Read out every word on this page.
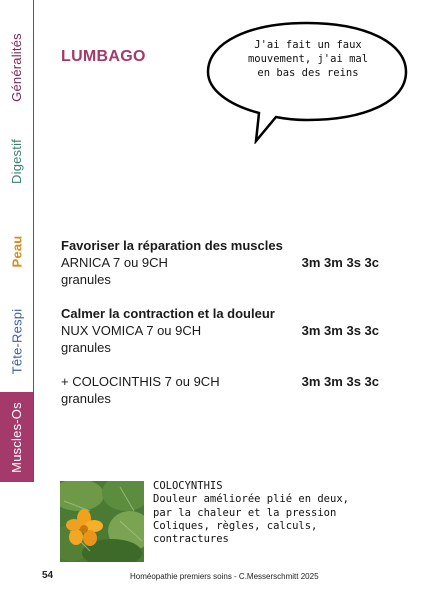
Généralités
Digestif
Peau
Tête-Respi
Muscles-Os
LUMBAGO
J'ai fait un faux
mouvement, j'ai mal
en bas des reins
Favoriser la réparation des muscles
ARNICA 7 ou 9CH	3m 3m 3s 3c
granules
Calmer la contraction et la douleur
NUX VOMICA 7 ou 9CH	3m 3m 3s 3c
granules
+ COLOCINTHIS 7 ou 9CH	3m 3m 3s 3c
granules
COLOCYNTHIS
Douleur améliorée plié en deux,
par la chaleur et la pression
Coliques, règles, calculs,
contractures
54	Homéopathie premiers soins - C.Messerschmitt 2025
